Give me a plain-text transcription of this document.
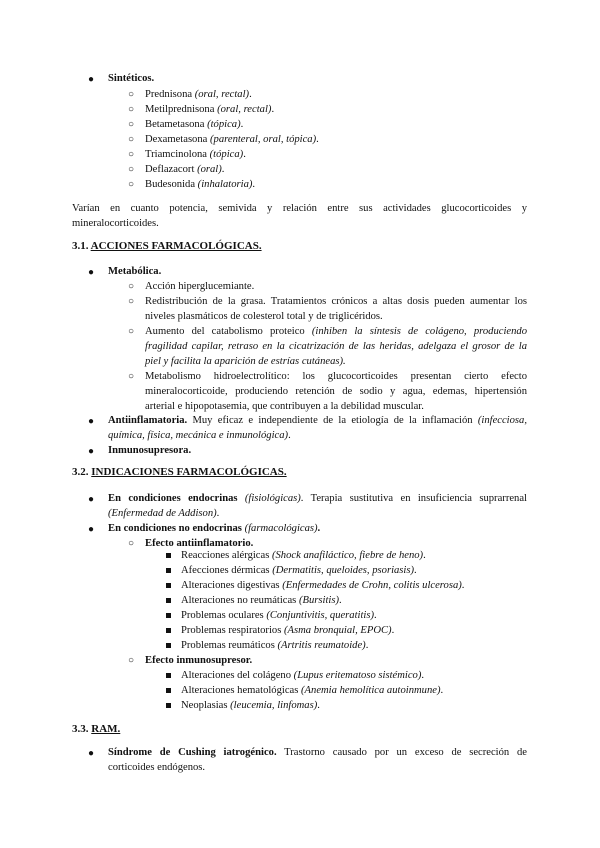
● Sintéticos.
○ Prednisona (oral, rectal).
○ Metilprednisona (oral, rectal).
○ Betametasona (tópica).
○ Dexametasona (parenteral, oral, tópica).
○ Triamcinolona (tópica).
○ Deflazacort (oral).
○ Budesonida (inhalatoria).
Varían en cuanto potencia, semivida y relación entre sus actividades glucocorticoides y
mineralocorticoides.
3.1. ACCIONES FARMACOLÓGICAS.
● Metabólica.
○ Acción hiperglucemiante.
○ Redistribución de la grasa. Tratamientos crónicos a altas dosis pueden aumentar los
niveles plasmáticos de colesterol total y de triglicéridos.
○ Aumento del catabolismo proteico (inhiben la síntesis de colágeno, produciendo
fragilidad capilar, retraso en la cicatrización de las heridas, adelgaza el grosor de la
piel y facilita la aparición de estrías cutáneas).
○ Metabolismo hidroelectrolítico: los glucocorticoides presentan cierto efecto
mineralocorticoide, produciendo retención de sodio y agua, edemas, hipertensión
arterial e hipopotasemia, que contribuyen a la debilidad muscular.
● Antiinflamatoria. Muy eficaz e independiente de la etiología de la inflamación (infecciosa,
química, física, mecánica e inmunológica).
● Inmunosupresora.
3.2. INDICACIONES FARMACOLÓGICAS.
● En condiciones endocrinas (fisiológicas). Terapia sustitutiva en insuficiencia suprarrenal
(Enfermedad de Addison).
● En condiciones no endocrinas (farmacológicas).
○ Efecto antiinflamatorio.
Reacciones alérgicas (Shock anafiláctico, fiebre de heno).
Afecciones dérmicas (Dermatitis, queloides, psoriasis).
Alteraciones digestivas (Enfermedades de Crohn, colitis ulcerosa).
Alteraciones no reumáticas (Bursitis).
Problemas oculares (Conjuntivitis, queratitis).
Problemas respiratorios (Asma bronquial, EPOC).
Problemas reumáticos (Artritis reumatoide).
○ Efecto inmunosupresor.
Alteraciones del colágeno (Lupus eritematoso sistémico).
Alteraciones hematológicas (Anemia hemolítica autoinmune).
Neoplasias (leucemia, linfomas).
3.3. RAM.
● Síndrome de Cushing iatrogénico. Trastorno causado por un exceso de secreción de
corticoides endógenos.
